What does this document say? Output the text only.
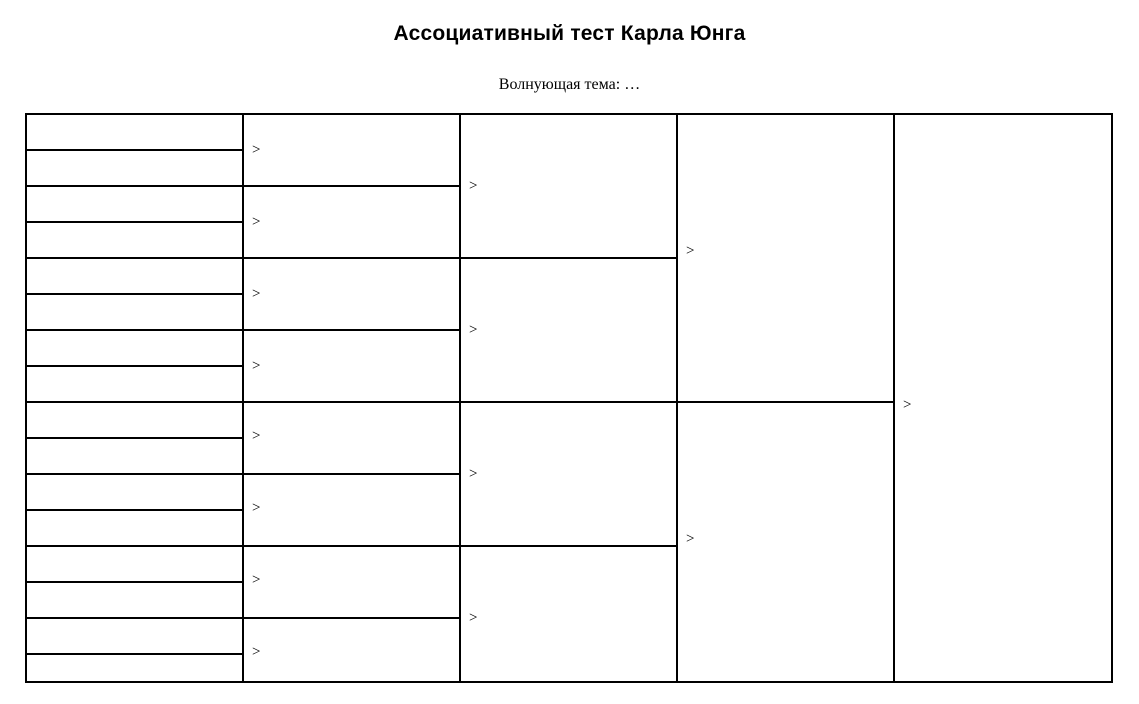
Ассоциативный тест Карла Юнга
Волнующая тема: …
>
>
>
>
>
>
>
>
>
>
>
>
>
>
>
